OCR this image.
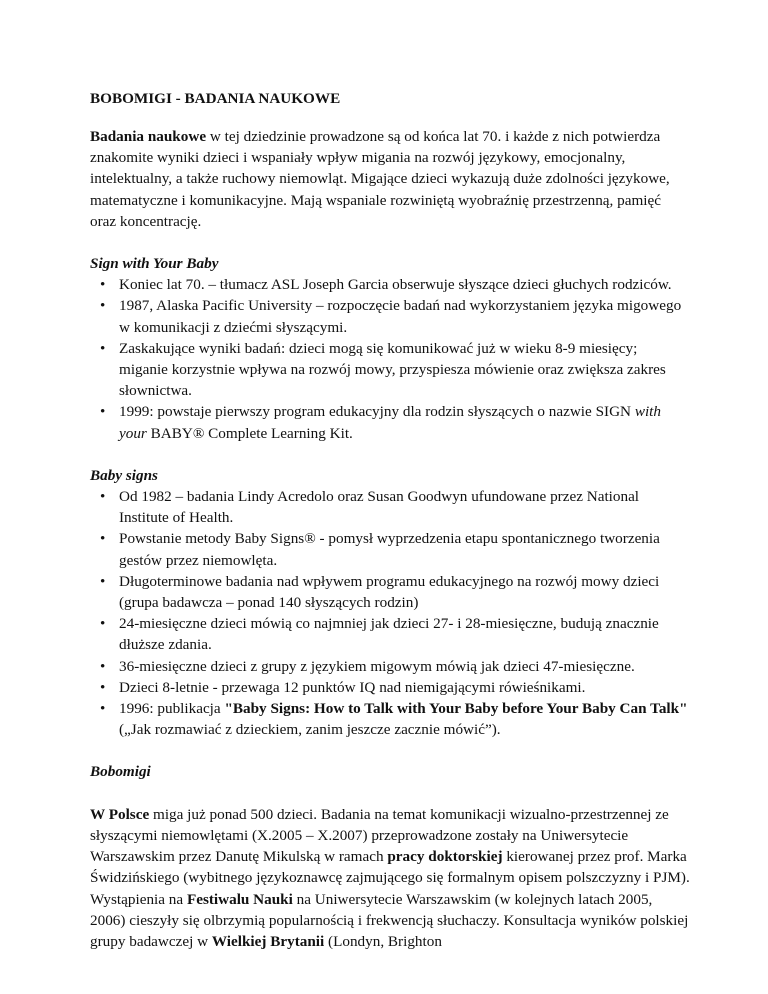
BOBOMIGI - BADANIA NAUKOWE

Badania naukowe w tej dziedzinie prowadzone są od końca lat 70. i każde z nich potwierdza znakomite wyniki dzieci i wspaniały wpływ migania na rozwój językowy, emocjonalny, intelektualny, a także ruchowy niemowląt. Migające dzieci wykazują duże zdolności językowe, matematyczne i komunikacyjne. Mają wspaniale rozwiniętą wyobraźnię przestrzenną, pamięć oraz koncentrację.

Sign with Your Baby

• Koniec lat 70. – tłumacz ASL Joseph Garcia obserwuje słyszące dzieci głuchych rodziców.
• 1987, Alaska Pacific University – rozpoczęcie badań nad wykorzystaniem języka migowego w komunikacji z dziećmi słyszącymi.
• Zaskakujące wyniki badań: dzieci mogą się komunikować już w wieku 8-9 miesięcy; miganie korzystnie wpływa na rozwój mowy, przyspiesza mówienie oraz zwiększa zakres słownictwa.
• 1999: powstaje pierwszy program edukacyjny dla rodzin słyszących o nazwie SIGN with your BABY® Complete Learning Kit.

Baby signs

• Od 1982 – badania Lindy Acredolo oraz Susan Goodwyn ufundowane przez National Institute of Health.
• Powstanie metody Baby Signs® - pomysł wyprzedzenia etapu spontanicznego tworzenia gestów przez niemowlęta.
• Długoterminowe badania nad wpływem programu edukacyjnego na rozwój mowy dzieci (grupa badawcza – ponad 140 słyszących rodzin)
• 24-miesięczne dzieci mówią co najmniej jak dzieci 27- i 28-miesięczne, budują znacznie dłuższe zdania.
• 36-miesięczne dzieci z grupy z językiem migowym mówią jak dzieci 47-miesięczne.
• Dzieci 8-letnie - przewaga 12 punktów IQ nad niemigającymi rówieśnikami.
• 1996: publikacja "Baby Signs: How to Talk with Your Baby before Your Baby Can Talk" („Jak rozmawiać z dzieckiem, zanim jeszcze zacznie mówić”).

Bobomigi

W Polsce miga już ponad 500 dzieci. Badania na temat komunikacji wizualno-przestrzennej ze słyszącymi niemowlętami (X.2005 – X.2007) przeprowadzone zostały na Uniwersytecie Warszawskim przez Danutę Mikulską w ramach pracy doktorskiej kierowanej przez prof. Marka Świdzińskiego (wybitnego językoznawcę zajmującego się formalnym opisem polszczyzny i PJM). Wystąpienia na Festiwalu Nauki na Uniwersytecie Warszawskim (w kolejnych latach 2005, 2006) cieszyły się olbrzymią popularnością i frekwencją słuchaczy. Konsultacja wyników polskiej grupy badawczej w Wielkiej Brytanii (Londyn, Brighton
